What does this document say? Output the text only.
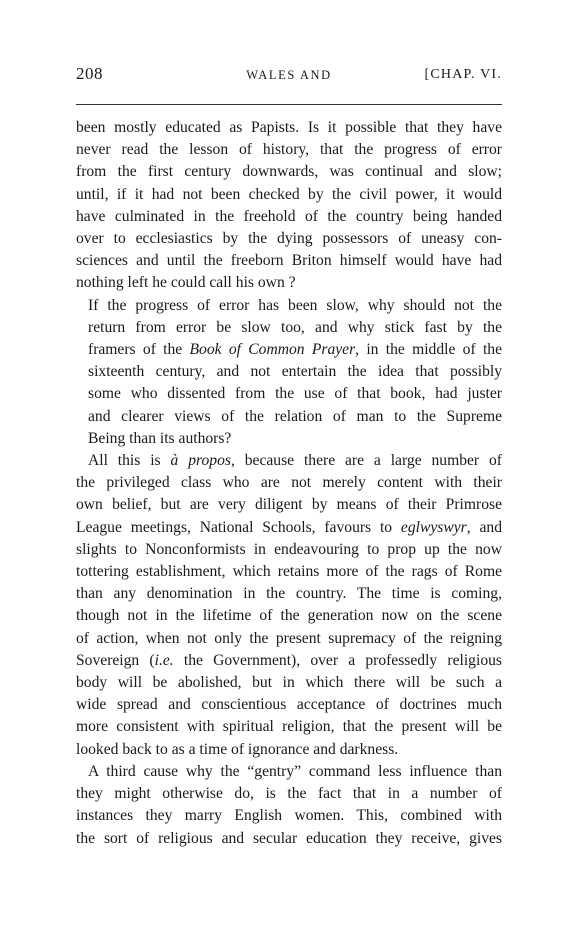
208	WALES AND	[CHAP. VI.

been mostly educated as Papists. Is it possible that they have
never read the lesson of history, that the progress of error
from the first century downwards, was continual and slow;
until, if it had not been checked by the civil power, it would
have culminated in the freehold of the country being handed
over to ecclesiastics by the dying possessors of uneasy con-
sciences and until the freeborn Briton himself would have had
nothing left he could call his own ?

If the progress of error has been slow, why should not the
return from error be slow too, and why stick fast by the
framers of the Book of Common Prayer, in the middle of the
sixteenth century, and not entertain the idea that possibly
some who dissented from the use of that book, had juster
and clearer views of the relation of man to the Supreme
Being than its authors?

All this is à propos, because there are a large number of
the privileged class who are not merely content with their
own belief, but are very diligent by means of their Primrose
League meetings, National Schools, favours to eglwyswyr, and
slights to Nonconformists in endeavouring to prop up the now
tottering establishment, which retains more of the rags of Rome
than any denomination in the country. The time is coming,
though not in the lifetime of the generation now on the scene
of action, when not only the present supremacy of the reigning
Sovereign (i.e. the Government), over a professedly religious
body will be abolished, but in which there will be such a
wide spread and conscientious acceptance of doctrines much
more consistent with spiritual religion, that the present will be
looked back to as a time of ignorance and darkness.

A third cause why the “gentry” command less influence than
they might otherwise do, is the fact that in a number of
instances they marry English women. This, combined with
the sort of religious and secular education they receive, gives
